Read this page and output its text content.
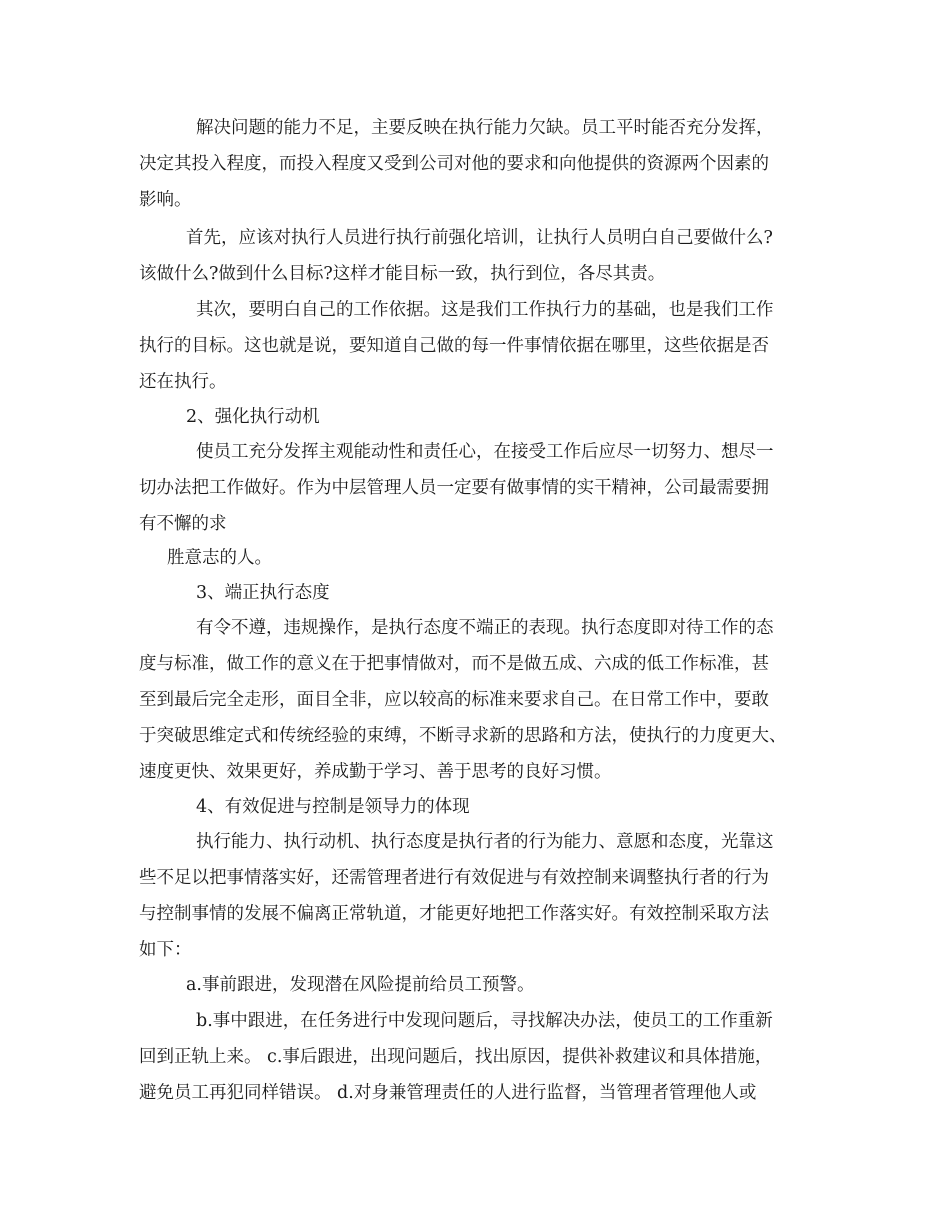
解决问题的能力不足，主要反映在执行能力欠缺。员工平时能否充分发挥，
决定其投入程度，而投入程度又受到公司对他的要求和向他提供的资源两个因素的
影响。
首先，应该对执行人员进行执行前强化培训，让执行人员明白自己要做什么?
该做什么?做到什么目标?这样才能目标一致，执行到位，各尽其责。
其次，要明白自己的工作依据。这是我们工作执行力的基础，也是我们工作
执行的目标。这也就是说，要知道自己做的每一件事情依据在哪里，这些依据是否
还在执行。
2、强化执行动机
使员工充分发挥主观能动性和责任心，在接受工作后应尽一切努力、想尽一
切办法把工作做好。作为中层管理人员一定要有做事情的实干精神，公司最需要拥
有不懈的求
胜意志的人。
3、端正执行态度
有令不遵，违规操作，是执行态度不端正的表现。执行态度即对待工作的态
度与标准，做工作的意义在于把事情做对，而不是做五成、六成的低工作标准，甚
至到最后完全走形，面目全非，应以较高的标准来要求自己。在日常工作中，要敢
于突破思维定式和传统经验的束缚，不断寻求新的思路和方法，使执行的力度更大、
速度更快、效果更好，养成勤于学习、善于思考的良好习惯。
4、有效促进与控制是领导力的体现
执行能力、执行动机、执行态度是执行者的行为能力、意愿和态度，光靠这
些不足以把事情落实好，还需管理者进行有效促进与有效控制来调整执行者的行为
与控制事情的发展不偏离正常轨道，才能更好地把工作落实好。有效控制采取方法
如下：
a.事前跟进，发现潜在风险提前给员工预警。
b.事中跟进，在任务进行中发现问题后，寻找解决办法，使员工的工作重新
回到正轨上来。 c.事后跟进，出现问题后，找出原因，提供补救建议和具体措施，
避免员工再犯同样错误。 d.对身兼管理责任的人进行监督，当管理者管理他人或
